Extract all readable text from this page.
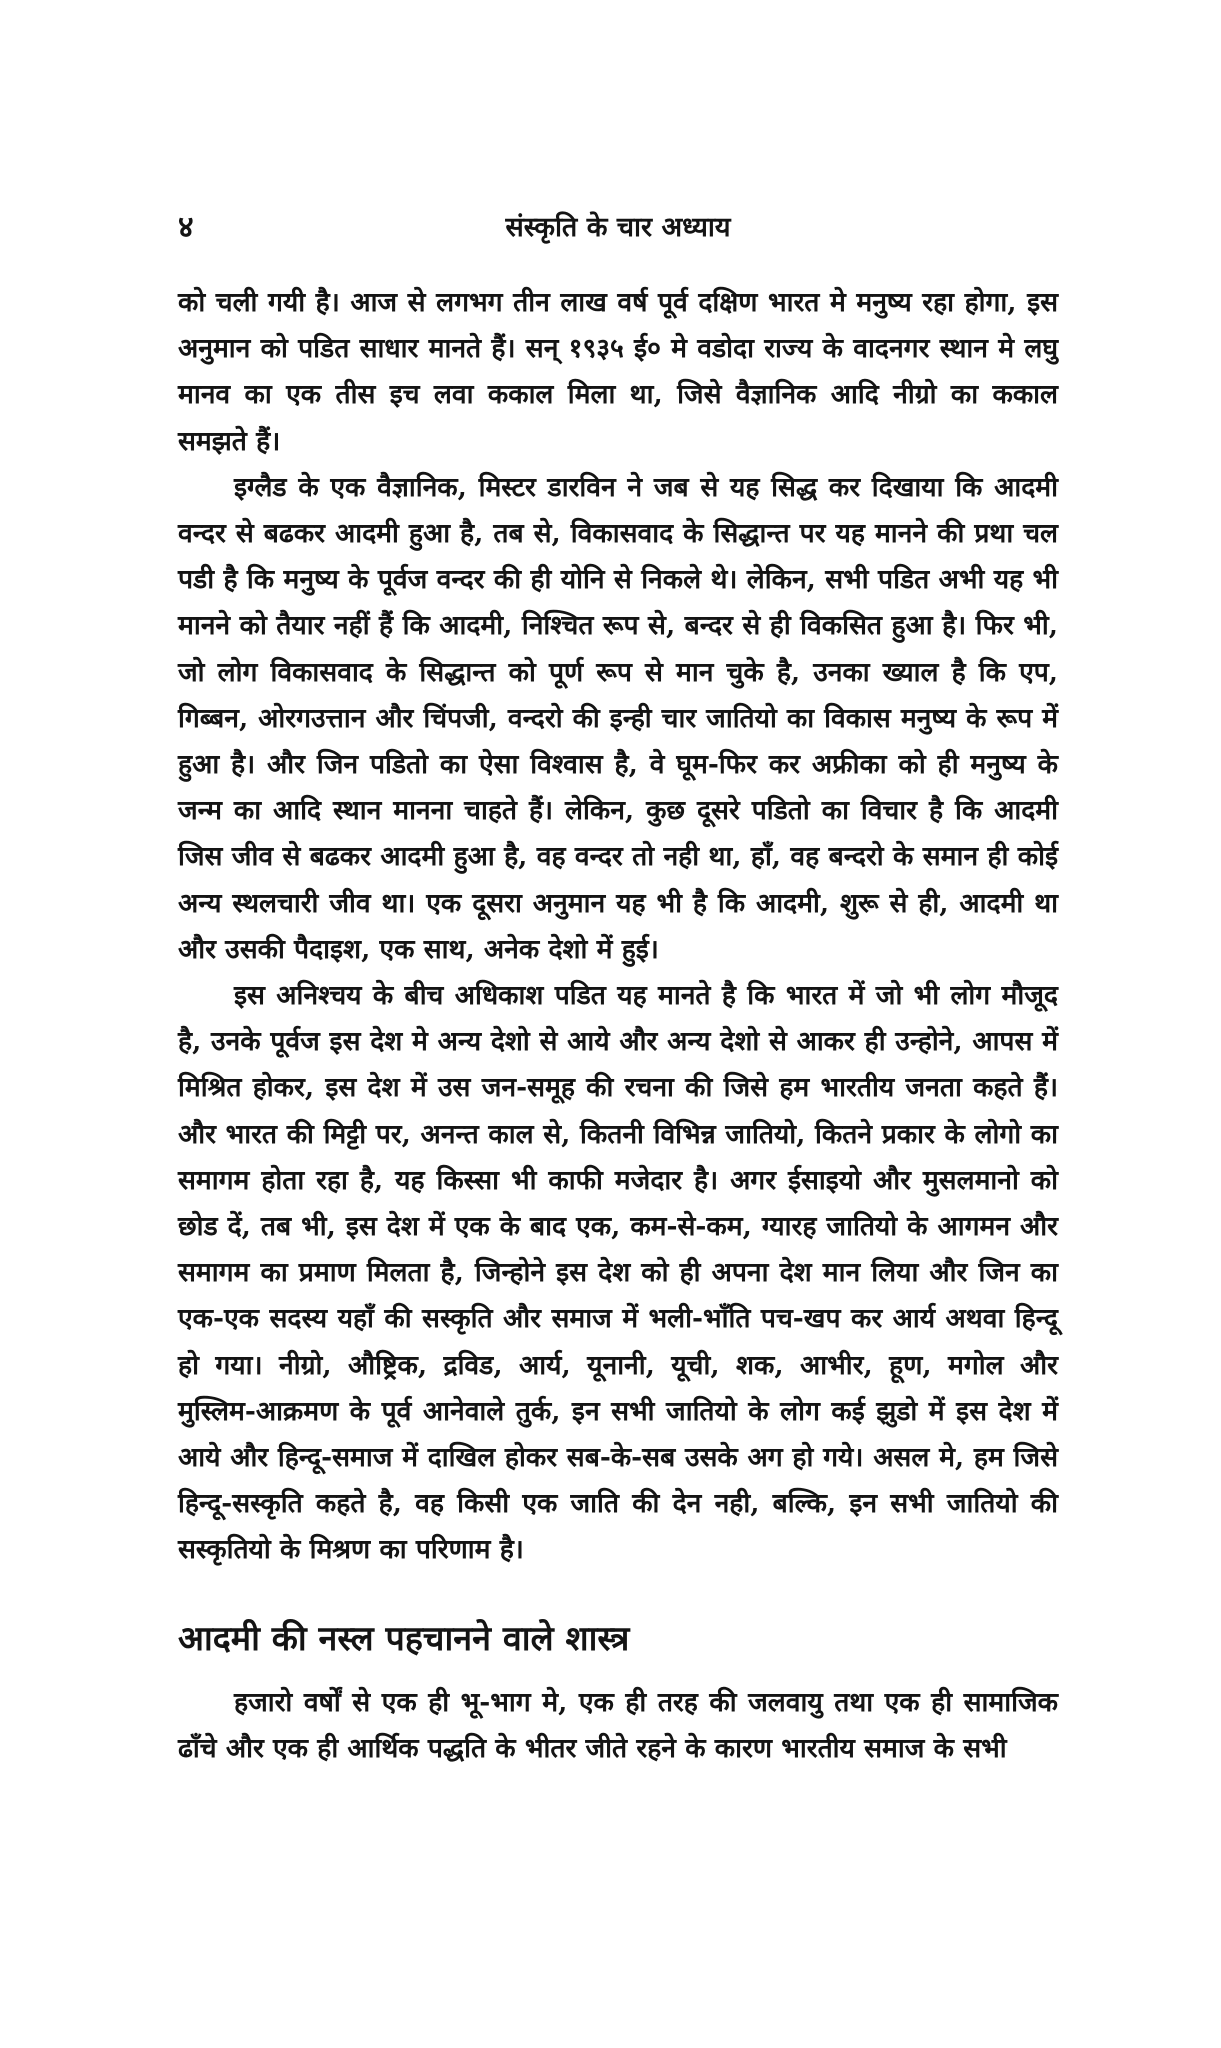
४	संस्कृति के चार अध्याय

को चली गयी है। आज से लगभग तीन लाख वर्ष पूर्व दक्षिण भारत मे मनुष्य रहा होगा, इस अनुमान को पडित साधार मानते हैं। सन् १९३५ ई० मे वडोदा राज्य के वादनगर स्थान मे लघु मानव का एक तीस इच लवा ककाल मिला था, जिसे वैज्ञानिक आदि नीग्रो का ककाल समझते हैं।

इग्लैड के एक वैज्ञानिक, मिस्टर डारविन ने जब से यह सिद्ध कर दिखाया कि आदमी वन्दर से बढकर आदमी हुआ है, तब से, विकासवाद के सिद्धान्त पर यह मानने की प्रथा चल पडी है कि मनुष्य के पूर्वज वन्दर की ही योनि से निकले थे। लेकिन, सभी पडित अभी यह भी मानने को तैयार नहीं हैं कि आदमी, निश्चित रूप से, बन्दर से ही विकसित हुआ है। फिर भी, जो लोग विकासवाद के सिद्धान्त को पूर्ण रूप से मान चुके है, उनका ख्याल है कि एप, गिब्बन, ओरगउत्तान और चिंपजी, वन्दरो की इन्ही चार जातियो का विकास मनुष्य के रूप में हुआ है। और जिन पडितो का ऐसा विश्वास है, वे घूम-फिर कर अफ्रीका को ही मनुष्य के जन्म का आदि स्थान मानना चाहते हैं। लेकिन, कुछ दूसरे पडितो का विचार है कि आदमी जिस जीव से बढकर आदमी हुआ है, वह वन्दर तो नही था, हाँ, वह बन्दरो के समान ही कोई अन्य स्थलचारी जीव था। एक दूसरा अनुमान यह भी है कि आदमी, शुरू से ही, आदमी था और उसकी पैदाइश, एक साथ, अनेक देशो में हुई।

इस अनिश्चय के बीच अधिकाश पडित यह मानते है कि भारत में जो भी लोग मौजूद है, उनके पूर्वज इस देश मे अन्य देशो से आये और अन्य देशो से आकर ही उन्होने, आपस में मिश्रित होकर, इस देश में उस जन-समूह की रचना की जिसे हम भारतीय जनता कहते हैं। और भारत की मिट्टी पर, अनन्त काल से, कितनी विभिन्न जातियो, कितने प्रकार के लोगो का समागम होता रहा है, यह किस्सा भी काफी मजेदार है। अगर ईसाइयो और मुसलमानो को छोड दें, तब भी, इस देश में एक के बाद एक, कम-से-कम, ग्यारह जातियो के आगमन और समागम का प्रमाण मिलता है, जिन्होने इस देश को ही अपना देश मान लिया और जिन का एक-एक सदस्य यहाँ की सस्कृति और समाज में भली-भाँति पच-खप कर आर्य अथवा हिन्दू हो गया। नीग्रो, औष्ट्रिक, द्रविड, आर्य, यूनानी, यूची, शक, आभीर, हूण, मगोल और मुस्लिम-आक्रमण के पूर्व आनेवाले तुर्क, इन सभी जातियो के लोग कई झुडो में इस देश में आये और हिन्दू-समाज में दाखिल होकर सब-के-सब उसके अग हो गये। असल मे, हम जिसे हिन्दू-सस्कृति कहते है, वह किसी एक जाति की देन नही, बल्कि, इन सभी जातियो की सस्कृतियो के मिश्रण का परिणाम है।

आदमी की नस्ल पहचानने वाले शास्त्र

हजारो वर्षों से एक ही भू-भाग मे, एक ही तरह की जलवायु तथा एक ही सामाजिक ढाँचे और एक ही आर्थिक पद्धति के भीतर जीते रहने के कारण भारतीय समाज के सभी
